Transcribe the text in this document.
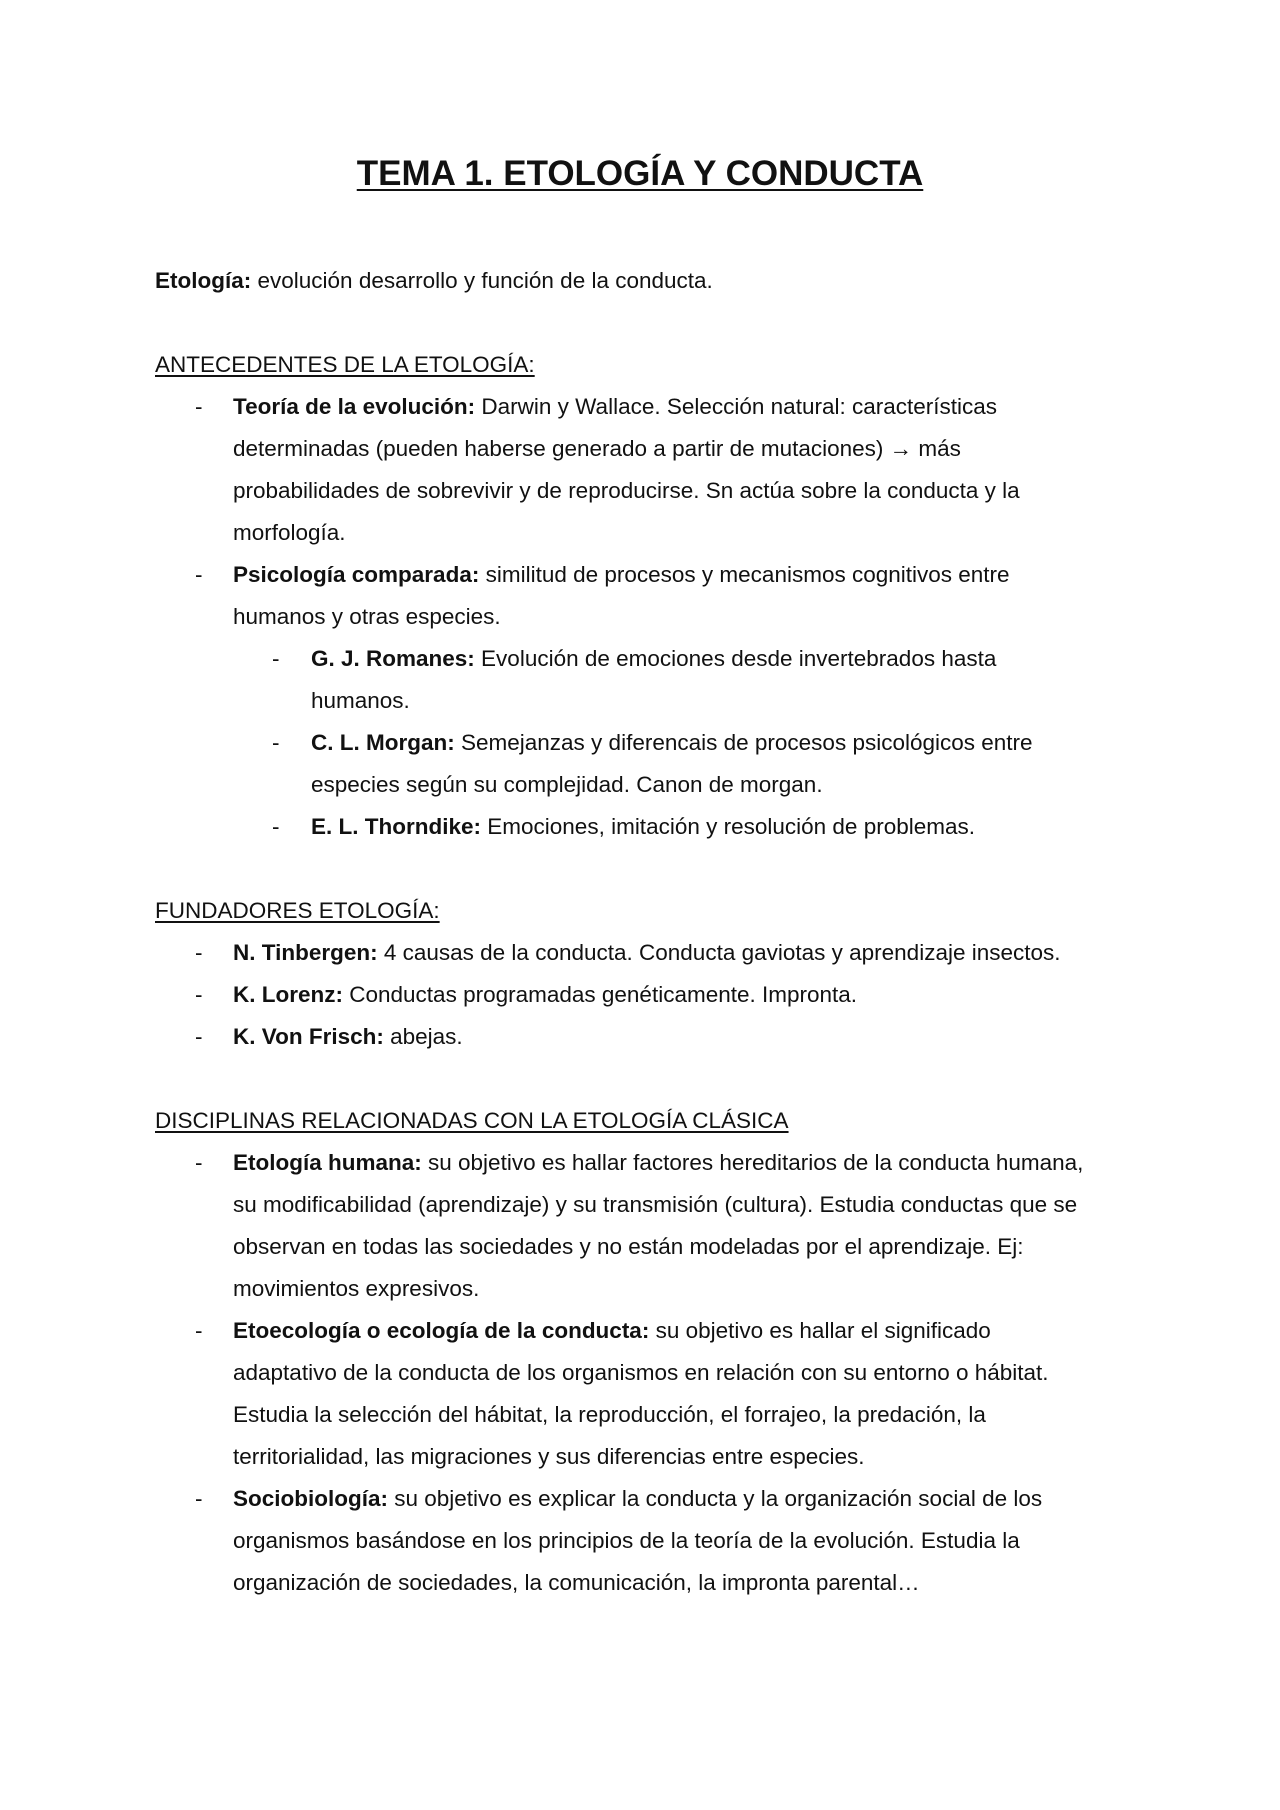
TEMA 1. ETOLOGÍA Y CONDUCTA
Etología: evolución desarrollo y función de la conducta.
ANTECEDENTES DE LA ETOLOGÍA:
- Teoría de la evolución: Darwin y Wallace. Selección natural: características
determinadas (pueden haberse generado a partir de mutaciones) → más
probabilidades de sobrevivir y de reproducirse. Sn actúa sobre la conducta y la
morfología.
- Psicología comparada: similitud de procesos y mecanismos cognitivos entre
humanos y otras especies.
- G. J. Romanes: Evolución de emociones desde invertebrados hasta
humanos.
- C. L. Morgan: Semejanzas y diferencais de procesos psicológicos entre
especies según su complejidad. Canon de morgan.
- E. L. Thorndike: Emociones, imitación y resolución de problemas.
FUNDADORES ETOLOGÍA:
- N. Tinbergen: 4 causas de la conducta. Conducta gaviotas y aprendizaje insectos.
- K. Lorenz: Conductas programadas genéticamente. Impronta.
- K. Von Frisch: abejas.
DISCIPLINAS RELACIONADAS CON LA ETOLOGÍA CLÁSICA
- Etología humana: su objetivo es hallar factores hereditarios de la conducta humana,
su modificabilidad (aprendizaje) y su transmisión (cultura). Estudia conductas que se
observan en todas las sociedades y no están modeladas por el aprendizaje. Ej:
movimientos expresivos.
- Etoecología o ecología de la conducta: su objetivo es hallar el significado
adaptativo de la conducta de los organismos en relación con su entorno o hábitat.
Estudia la selección del hábitat, la reproducción, el forrajeo, la predación, la
territorialidad, las migraciones y sus diferencias entre especies.
- Sociobiología: su objetivo es explicar la conducta y la organización social de los
organismos basándose en los principios de la teoría de la evolución. Estudia la
organización de sociedades, la comunicación, la impronta parental…
